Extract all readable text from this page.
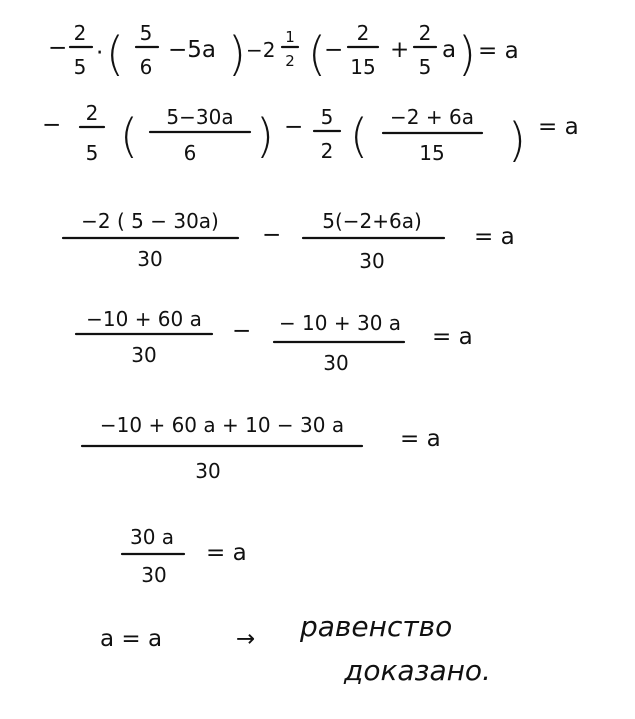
−
2
5
· ( 5
6
−5a ) −2
1
2 (
−
2
15
+
2
5
a ) = a
− 2
5 ( 5−30a
6 ) − 5
2 ( −2 + 6a
15 ) = a
−2 ( 5 − 30a)
30
−
5(−2+6a)
30
= a
−10 + 60 a
30
− − 10 + 30 a
30
= a
−10 + 60 a + 10 − 30 a
30
= a
30 a
30
= a
a = a	→ равенство
доказано.
